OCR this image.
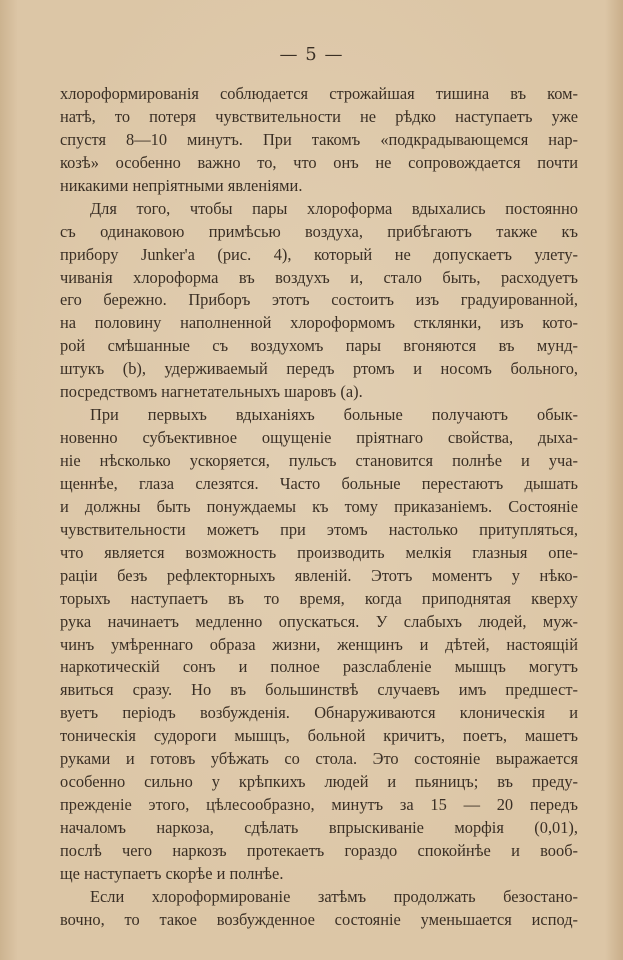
— 5 —
хлороформированія соблюдается строжайшая тишина въ ком-
натѣ, то потеря чувствительности не рѣдко наступаетъ уже
спустя 8—10 минутъ. При такомъ «подкрадывающемся нар-
козѣ» особенно важно то, что онъ не сопровождается почти
никакими непріятными явленіями.
Для того, чтобы пары хлороформа вдыхались постоянно
съ одинаковою примѣсью воздуха, прибѣгаютъ также къ
прибору Junker'a (рис. 4), который не допускаетъ улету-
чиванія хлороформа въ воздухъ и, стало быть, расходуетъ
его бережно. Приборъ этотъ состоитъ изъ градуированной,
на половину наполненной хлороформомъ стклянки, изъ кото-
рой смѣшанные съ воздухомъ пары вгоняются въ мунд-
штукъ (b), удерживаемый передъ ртомъ и носомъ больного,
посредствомъ нагнетательныхъ шаровъ (a).
При первыхъ вдыханіяхъ больные получаютъ обык-
новенно субъективное ощущеніе пріятнаго свойства, дыха-
ніе нѣсколько ускоряется, пульсъ становится полнѣе и уча-
щеннѣе, глаза слезятся. Часто больные перестаютъ дышать
и должны быть понуждаемы къ тому приказаніемъ. Состояніе
чувствительности можетъ при этомъ настолько притупляться,
что является возможность производить мелкія глазныя опе-
раціи безъ рефлекторныхъ явленій. Этотъ моментъ у нѣко-
торыхъ наступаетъ въ то время, когда приподнятая кверху
рука начинаетъ медленно опускаться. У слабыхъ людей, муж-
чинъ умѣреннаго образа жизни, женщинъ и дѣтей, настоящій
наркотическій сонъ и полное разслабленіе мышцъ могутъ
явиться сразу. Но въ большинствѣ случаевъ имъ предшест-
вуетъ періодъ возбужденія. Обнаруживаются клоническія и
тоническія судороги мышцъ, больной кричитъ, поетъ, машетъ
руками и готовъ убѣжать со стола. Это состояніе выражается
особенно сильно у крѣпкихъ людей и пьяницъ; въ преду-
прежденіе этого, цѣлесообразно, минутъ за 15 — 20 передъ
началомъ наркоза, сдѣлать впрыскиваніе морфія (0,01),
послѣ чего наркозъ протекаетъ гораздо спокойнѣе и вооб-
ще наступаетъ скорѣе и полнѣе.
Если хлороформированіе затѣмъ продолжать безостано-
вочно, то такое возбужденное состояніе уменьшается испод-
